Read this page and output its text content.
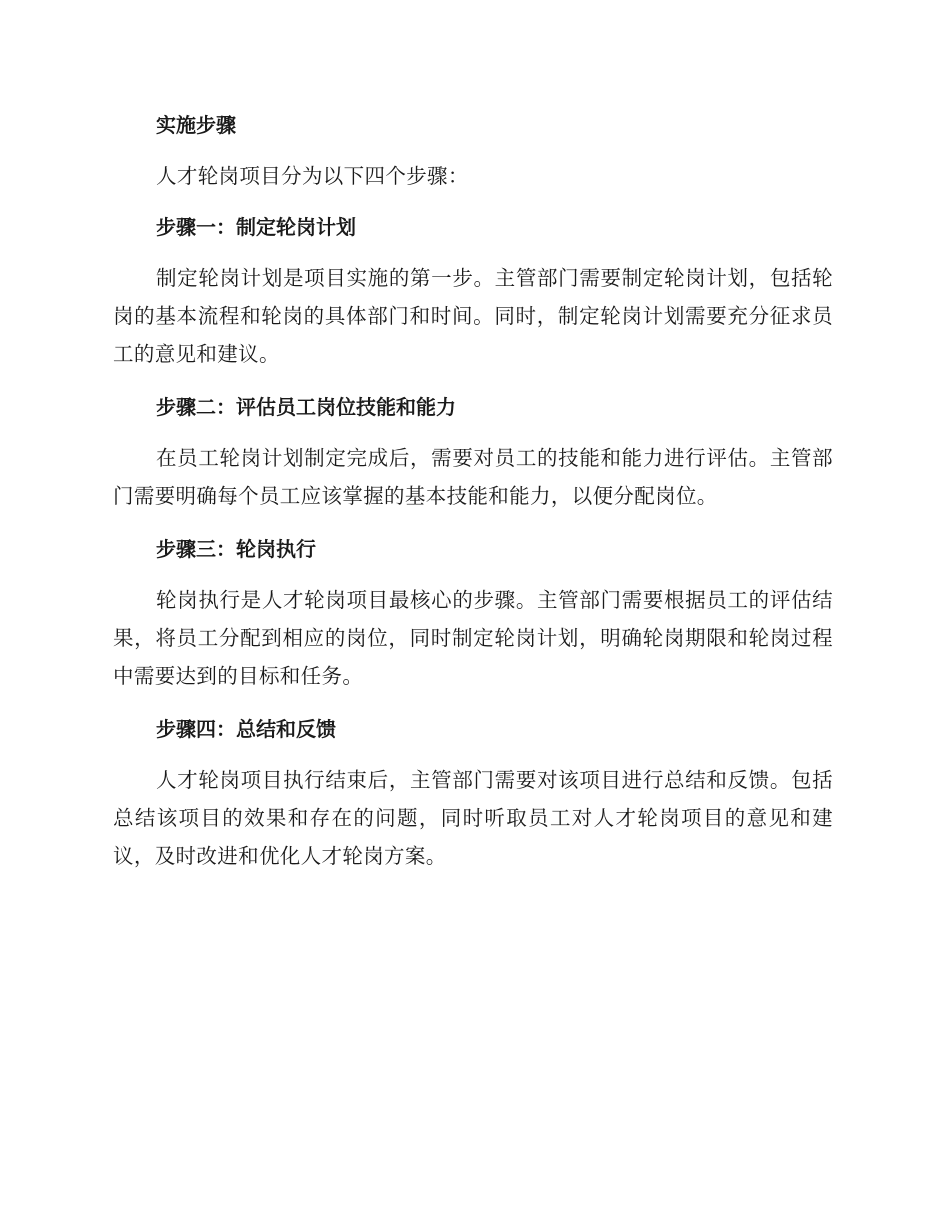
实施步骤

人才轮岗项目分为以下四个步骤：

步骤一：制定轮岗计划

制定轮岗计划是项目实施的第一步。主管部门需要制定轮岗计划，包括轮岗的基本流程和轮岗的具体部门和时间。同时，制定轮岗计划需要充分征求员工的意见和建议。

步骤二：评估员工岗位技能和能力

在员工轮岗计划制定完成后，需要对员工的技能和能力进行评估。主管部门需要明确每个员工应该掌握的基本技能和能力，以便分配岗位。

步骤三：轮岗执行

轮岗执行是人才轮岗项目最核心的步骤。主管部门需要根据员工的评估结果，将员工分配到相应的岗位，同时制定轮岗计划，明确轮岗期限和轮岗过程中需要达到的目标和任务。

步骤四：总结和反馈

人才轮岗项目执行结束后，主管部门需要对该项目进行总结和反馈。包括总结该项目的效果和存在的问题，同时听取员工对人才轮岗项目的意见和建议，及时改进和优化人才轮岗方案。
